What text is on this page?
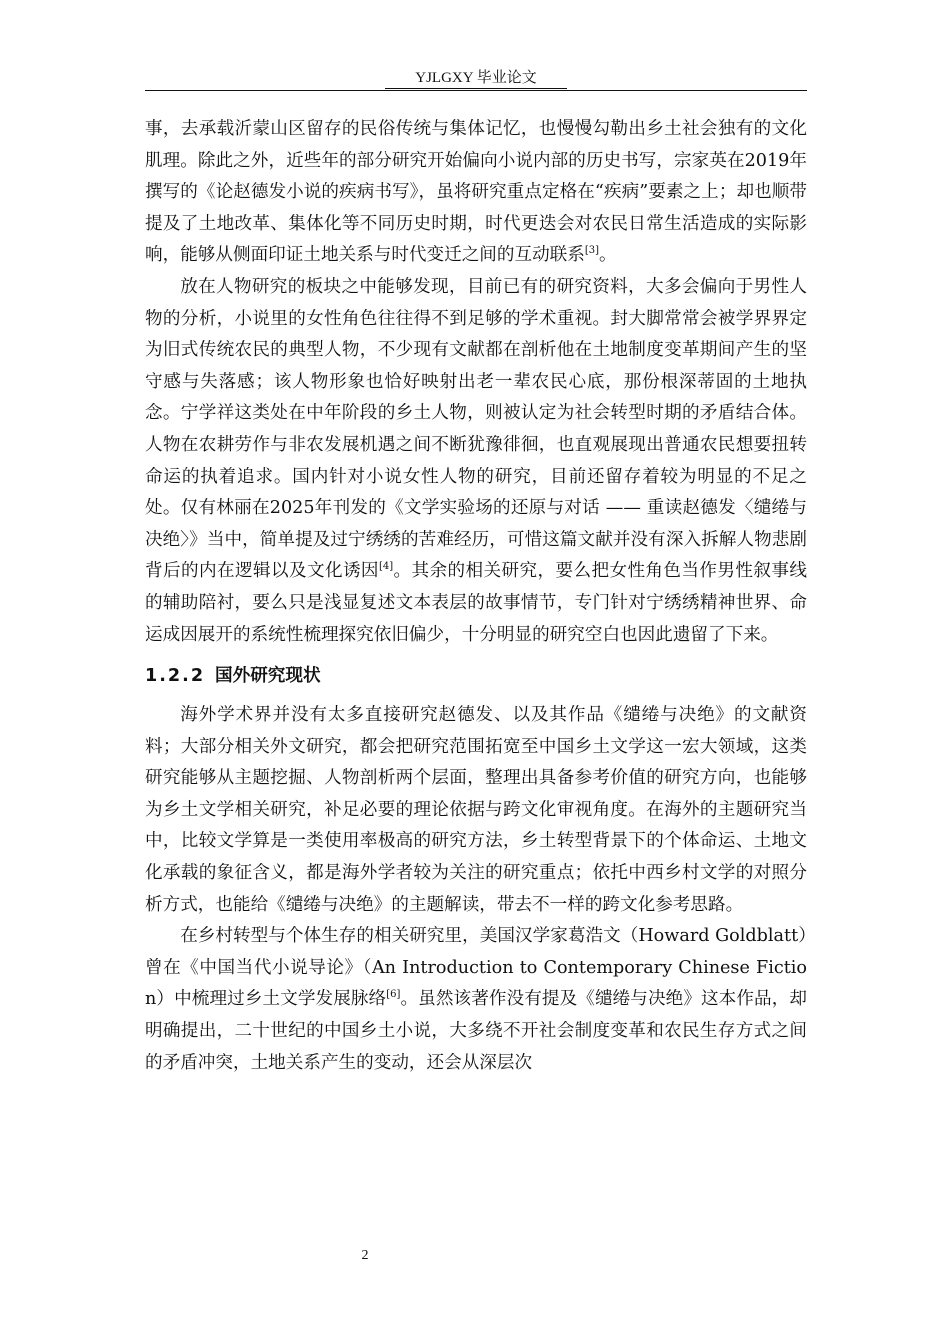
YJLGXY 毕业论文

事，去承载沂蒙山区留存的民俗传统与集体记忆，也慢慢勾勒出乡土社会独有的文化肌理。除此之外，近些年的部分研究开始偏向小说内部的历史书写，宗家英在2019年撰写的《论赵德发小说的疾病书写》，虽将研究重点定格在“疾病”要素之上；却也顺带提及了土地改革、集体化等不同历史时期，时代更迭会对农民日常生活造成的实际影响，能够从侧面印证土地关系与时代变迁之间的互动联系[3]。

放在人物研究的板块之中能够发现，目前已有的研究资料，大多会偏向于男性人物的分析，小说里的女性角色往往得不到足够的学术重视。封大脚常常会被学界界定为旧式传统农民的典型人物，不少现有文献都在剖析他在土地制度变革期间产生的坚守感与失落感；该人物形象也恰好映射出老一辈农民心底，那份根深蒂固的土地执念。宁学祥这类处在中年阶段的乡土人物，则被认定为社会转型时期的矛盾结合体。人物在农耕劳作与非农发展机遇之间不断犹豫徘徊，也直观展现出普通农民想要扭转命运的执着追求。国内针对小说女性人物的研究，目前还留存着较为明显的不足之处。仅有林丽在2025年刊发的《文学实验场的还原与对话 —— 重读赵德发〈缱绻与决绝〉》当中，简单提及过宁绣绣的苦难经历，可惜这篇文献并没有深入拆解人物悲剧背后的内在逻辑以及文化诱因[4]。其余的相关研究，要么把女性角色当作男性叙事线的辅助陪衬，要么只是浅显复述文本表层的故事情节，专门针对宁绣绣精神世界、命运成因展开的系统性梳理探究依旧偏少，十分明显的研究空白也因此遗留了下来。

1.2.2 国外研究现状

海外学术界并没有太多直接研究赵德发、以及其作品《缱绻与决绝》的文献资料；大部分相关外文研究，都会把研究范围拓宽至中国乡土文学这一宏大领域，这类研究能够从主题挖掘、人物剖析两个层面，整理出具备参考价值的研究方向，也能够为乡土文学相关研究，补足必要的理论依据与跨文化审视角度。在海外的主题研究当中，比较文学算是一类使用率极高的研究方法，乡土转型背景下的个体命运、土地文化承载的象征含义，都是海外学者较为关注的研究重点；依托中西乡村文学的对照分析方式，也能给《缱绻与决绝》的主题解读，带去不一样的跨文化参考思路。

在乡村转型与个体生存的相关研究里，美国汉学家葛浩文（Howard Goldblatt）曾在《中国当代小说导论》（An Introduction to Contemporary Chinese Fiction）中梳理过乡土文学发展脉络[6]。虽然该著作没有提及《缱绻与决绝》这本作品，却明确提出，二十世纪的中国乡土小说，大多绕不开社会制度变革和农民生存方式之间的矛盾冲突，土地关系产生的变动，还会从深层次

2
